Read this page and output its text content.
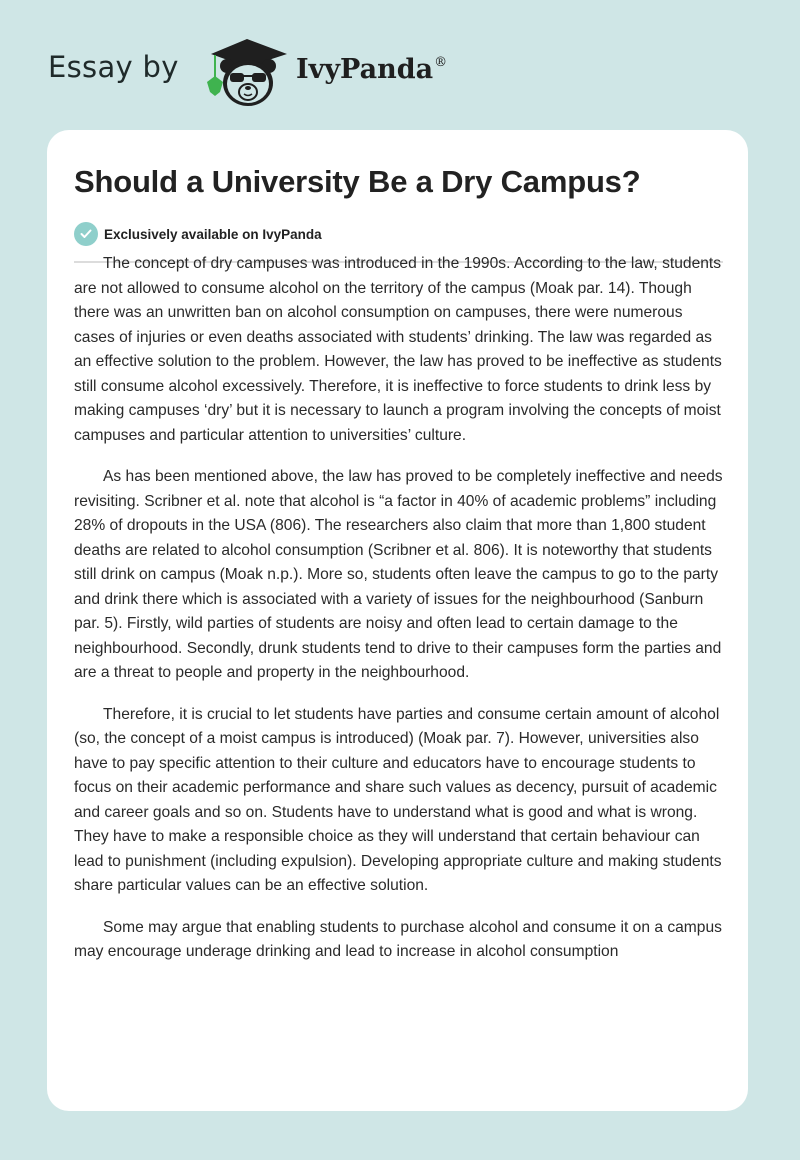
Essay by	IvyPanda®
Should a University Be a Dry Campus?
Exclusively available on IvyPanda

The concept of dry campuses was introduced in the 1990s. According to the law, students are not allowed to consume alcohol on the territory of the campus (Moak par. 14). Though there was an unwritten ban on alcohol consumption on campuses, there were numerous cases of injuries or even deaths associated with students’ drinking. The law was regarded as an effective solution to the problem. However, the law has proved to be ineffective as students still consume alcohol excessively. Therefore, it is ineffective to force students to drink less by making campuses ‘dry’ but it is necessary to launch a program involving the concepts of moist campuses and particular attention to universities’ culture.

As has been mentioned above, the law has proved to be completely ineffective and needs revisiting. Scribner et al. note that alcohol is “a factor in 40% of academic problems” including 28% of dropouts in the USA (806). The researchers also claim that more than 1,800 student deaths are related to alcohol consumption (Scribner et al. 806). It is noteworthy that students still drink on campus (Moak n.p.). More so, students often leave the campus to go to the party and drink there which is associated with a variety of issues for the neighbourhood (Sanburn par. 5). Firstly, wild parties of students are noisy and often lead to certain damage to the neighbourhood. Secondly, drunk students tend to drive to their campuses form the parties and are a threat to people and property in the neighbourhood.

Therefore, it is crucial to let students have parties and consume certain amount of alcohol (so, the concept of a moist campus is introduced) (Moak par. 7). However, universities also have to pay specific attention to their culture and educators have to encourage students to focus on their academic performance and share such values as decency, pursuit of academic and career goals and so on. Students have to understand what is good and what is wrong. They have to make a responsible choice as they will understand that certain behaviour can lead to punishment (including expulsion). Developing appropriate culture and making students share particular values can be an effective solution.

Some may argue that enabling students to purchase alcohol and consume it on a campus may encourage underage drinking and lead to increase in alcohol consumption
